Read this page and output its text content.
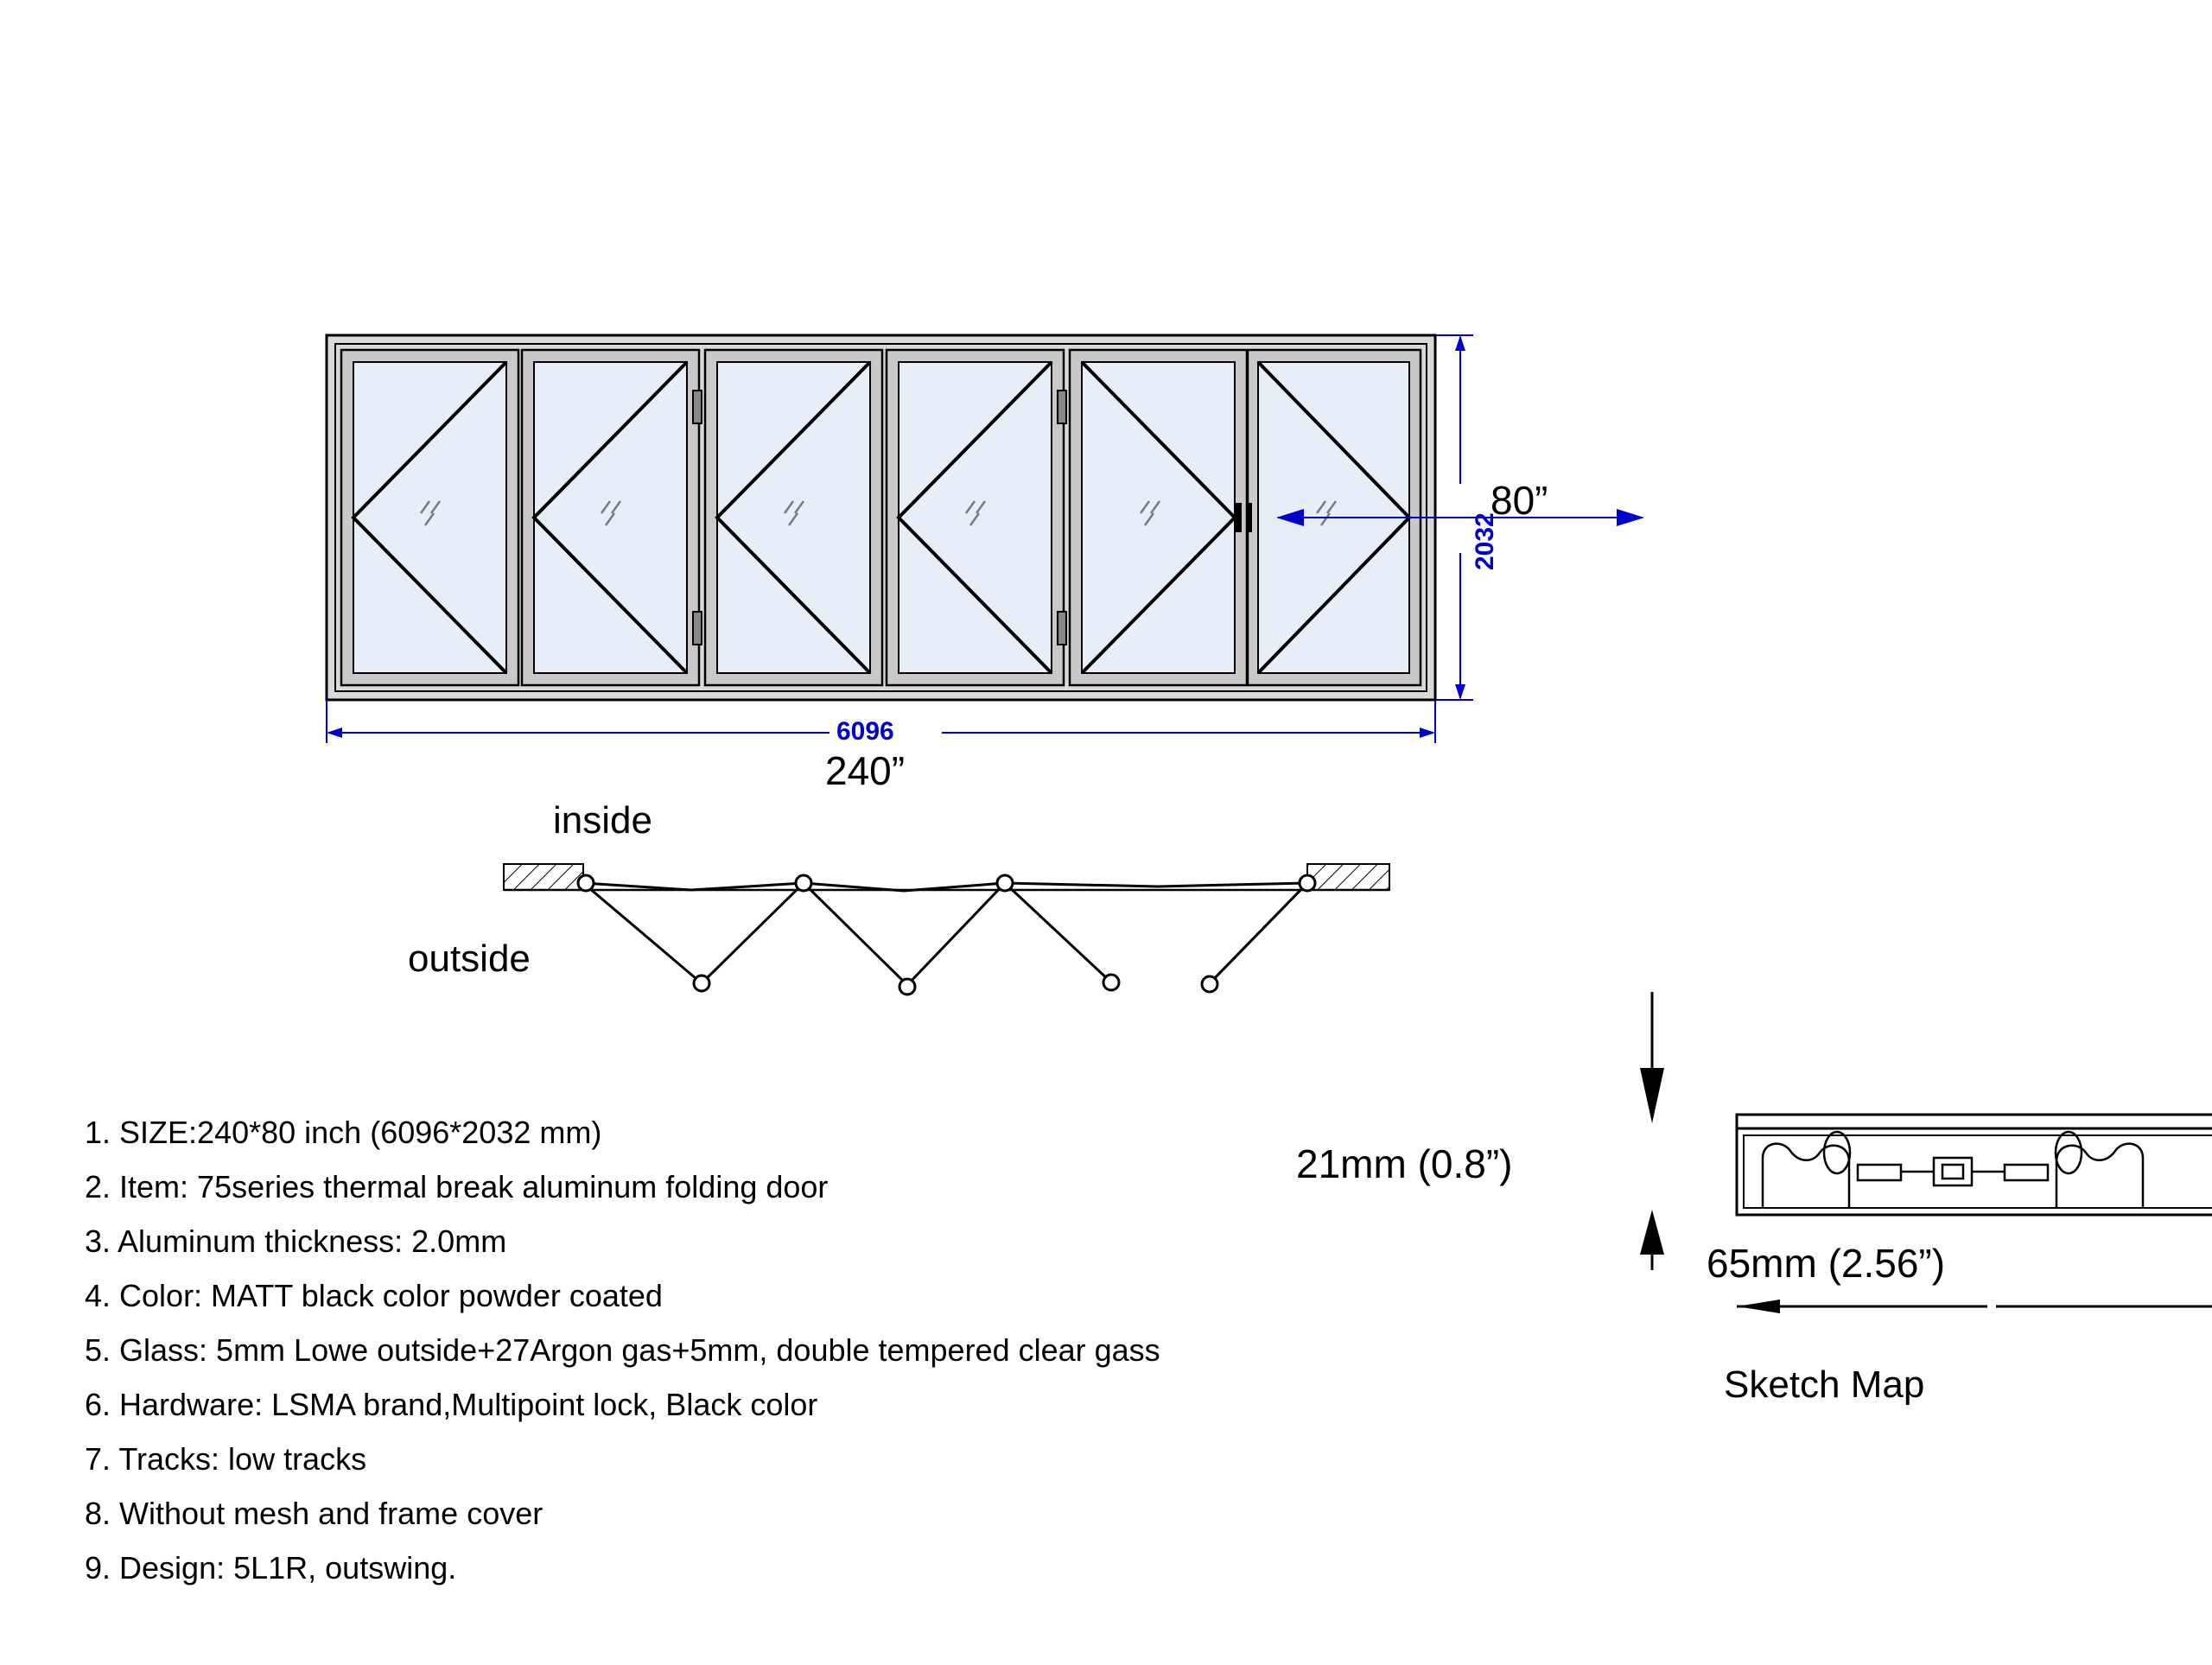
2032
80”
6096
240”
inside
outside
21mm (0.8”)
65mm (2.56”)
Sketch Map
1. SIZE:240*80 inch (6096*2032 mm)
2. Item: 75series thermal break aluminum folding door
3. Aluminum thickness: 2.0mm
4. Color: MATT black color powder coated
5. Glass: 5mm Lowe outside+27Argon gas+5mm, double tempered clear gass
6. Hardware: LSMA brand,Multipoint lock, Black color
7. Tracks: low tracks
8. Without mesh and frame cover
9. Design: 5L1R, outswing.
